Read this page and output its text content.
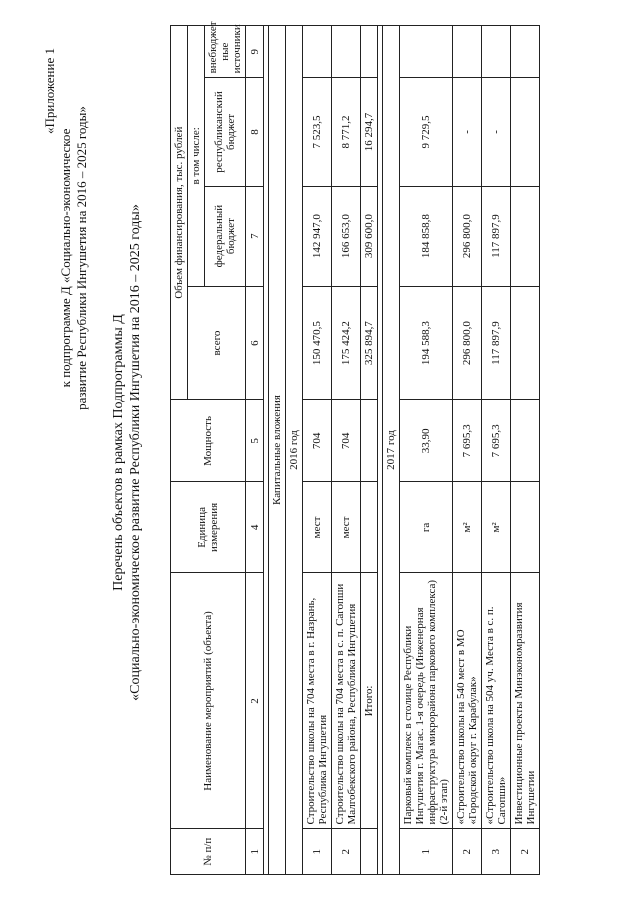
«Приложение 1
к подпрограмме Д «Социально-экономическое развитие Республики Ингушетия на 2016 – 2025 годы»
Перечень объектов в рамках Подпрограммы Д «Социально-экономическое развитие Республики Ингушетия на 2016 – 2025 годы»
№ п/п	Наименование мероприятий (объекта)	Единица измерения	Мощность	Объем финансирования, тыс. рублей			
				всего	в том числе:		
					федеральный бюджет	республиканский бюджет	внебюджет ные источники
1	2	4	5	6	7	8	9

Капитальные вложения							
2016 год							
1	Строительство школы на 704 места в г. Назрань, Республика Ингушетия	мест	704	150 470,5	142 947,0	7 523,5	
2	Строительство школы на 704 места в с. п. Сагопши Малгобекского района, Республика Ингушетия	мест	704	175 424,2	166 653,0	8 771,2	
	Итого:			325 894,7	309 600,0	16 294,7	

2017 год							
1	Парковый комплекс в столице Республики Ингушетия г. Магас. 1-я очередь (Инженерная инфраструктура микрорайона паркового комплекса) (2-й этап)	га	33,90	194 588,3	184 858,8	9 729,5	
2	«Строительство школы на 540 мест в МО «Городской округ г. Карабулак»	м²	7 695,3	296 800,0	296 800,0	-	
3	«Строительство школа на 504 уч. Места в с. п. Сагопши»	м²	7 695,3	117 897,9	117 897,9	-	
2	Инвестиционные проекты Минэкономразвития Ингушетии						
